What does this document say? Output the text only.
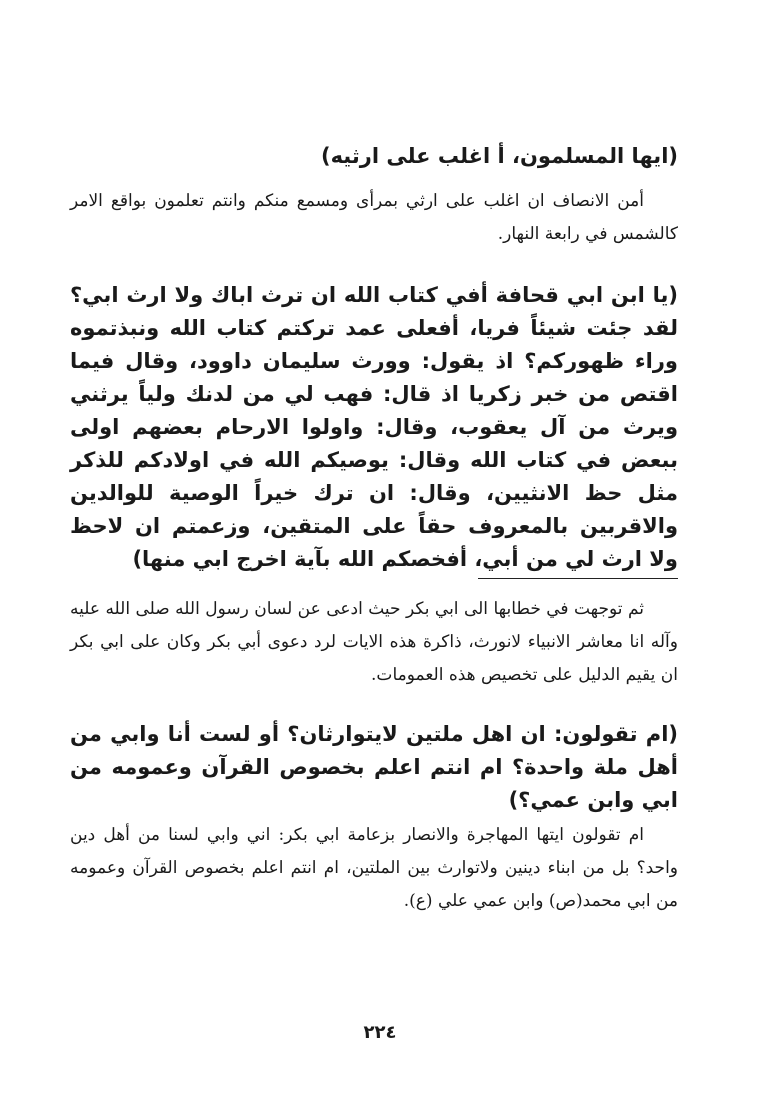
(ايها المسلمون، أ اغلب على ارثيه)

أمن الانصاف ان اغلب على ارثي بمرأى ومسمع منكم وانتم تعلمون بواقع الامر كالشمس في رابعة النهار.

(يا ابن ابي قحافة أفي كتاب الله ان ترث اباك ولا ارث ابي؟ لقد جئت شيئاً فريا، أفعلى عمد تركتم كتاب الله ونبذتموه وراء ظهوركم؟ اذ يقول: وورث سليمان داوود، وقال فيما اقتص من خبر زكريا اذ قال: فهب لي من لدنك ولياً يرثني ويرث من آل يعقوب، وقال: واولوا الارحام بعضهم اولى ببعض في كتاب الله وقال: يوصيكم الله في اولادكم للذكر مثل حظ الانثيين، وقال: ان ترك خيراً الوصية للوالدين والاقربين بالمعروف حقاً على المتقين، وزعمتم ان لاحظ ولا ارث لي من أبي، أفخصكم الله بآية اخرج ابي منها)

ثم توجهت في خطابها الى ابي بكر حيث ادعى عن لسان رسول الله صلى الله عليه وآله انا معاشر الانبياء لانورث، ذاكرة هذه الايات لرد دعوى أبي بكر وكان على ابي بكر ان يقيم الدليل على تخصيص هذه العمومات.

(ام تقولون: ان اهل ملتين لايتوارثان؟ أو لست أنا وابي من أهل ملة واحدة؟ ام انتم اعلم بخصوص القرآن وعمومه من ابي وابن عمي؟)

ام تقولون ايتها المهاجرة والانصار بزعامة ابي بكر: اني وابي لسنا من أهل دين واحد؟ بل من ابناء دينين ولاتوارث بين الملتين، ام انتم اعلم بخصوص القرآن وعمومه من ابي محمد(ص) وابن عمي علي (ع).

٢٢٤
